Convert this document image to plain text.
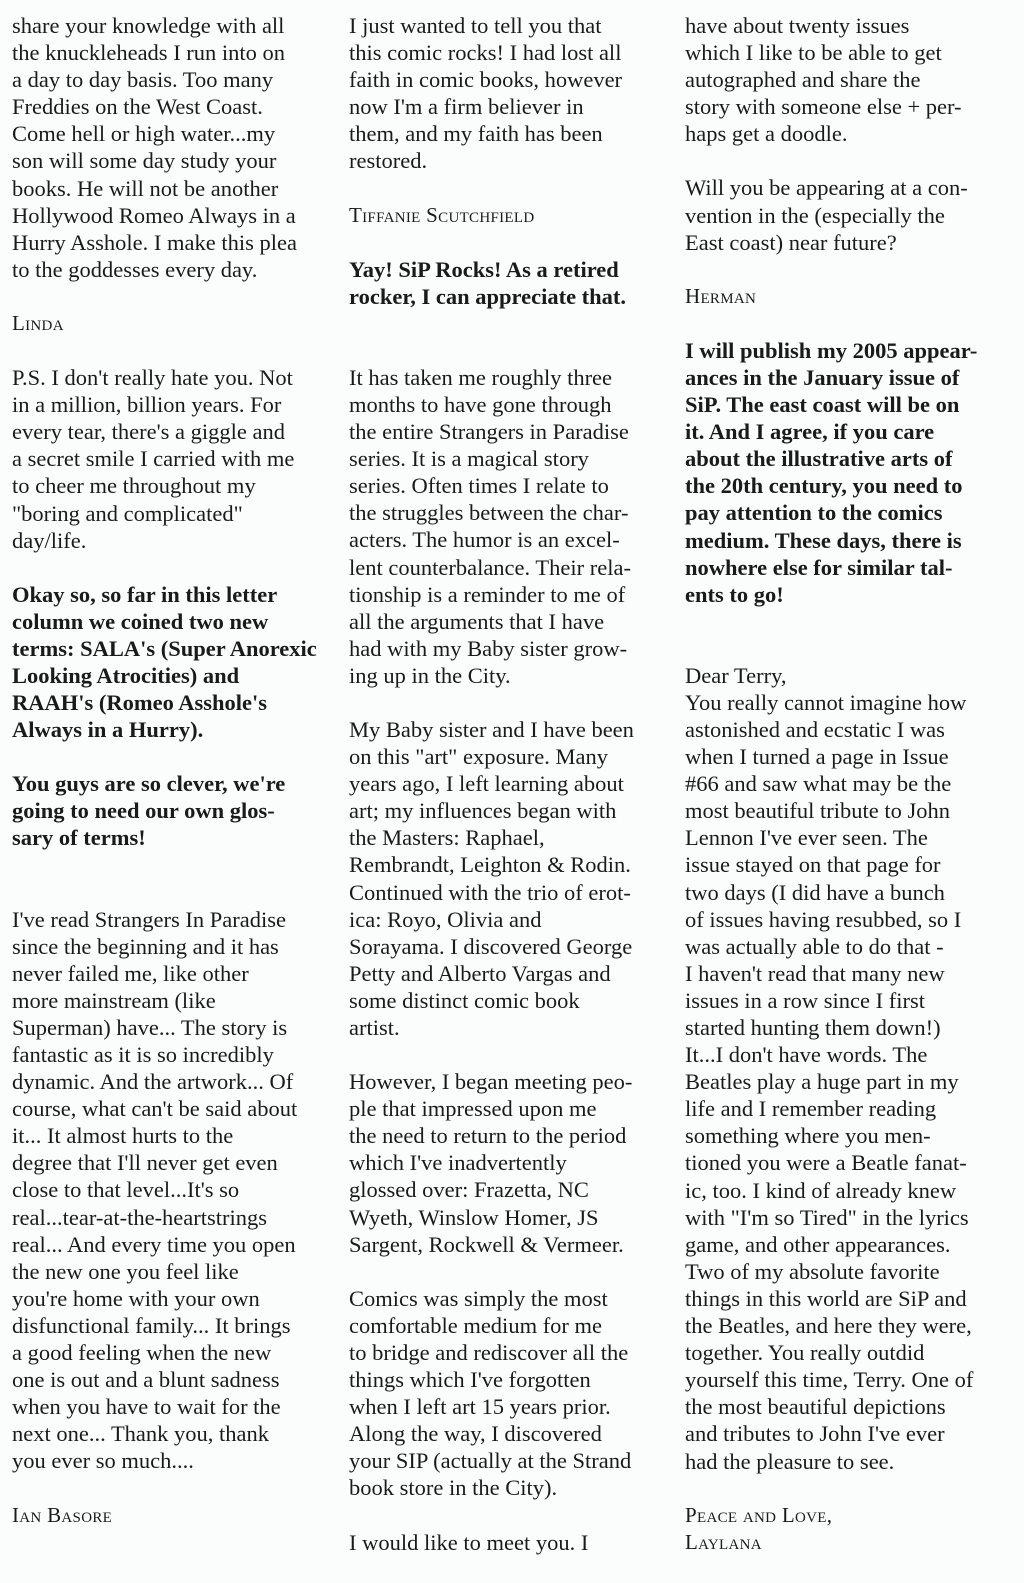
share your knowledge with all
the knuckleheads I run into on
a day to day basis. Too many
Freddies on the West Coast.
Come hell or high water...my
son will some day study your
books. He will not be another
Hollywood Romeo Always in a
Hurry Asshole. I make this plea
to the goddesses every day.

Linda

P.S. I don't really hate you. Not
in a million, billion years. For
every tear, there's a giggle and
a secret smile I carried with me
to cheer me throughout my
"boring and complicated"
day/life.

Okay so, so far in this letter
column we coined two new
terms: SALA's (Super Anorexic
Looking Atrocities) and
RAAH's (Romeo Asshole's
Always in a Hurry).

You guys are so clever, we're
going to need our own glos-
sary of terms!

I've read Strangers In Paradise
since the beginning and it has
never failed me, like other
more mainstream (like
Superman) have... The story is
fantastic as it is so incredibly
dynamic. And the artwork... Of
course, what can't be said about
it... It almost hurts to the
degree that I'll never get even
close to that level...It's so
real...tear-at-the-heartstrings
real... And every time you open
the new one you feel like
you're home with your own
disfunctional family... It brings
a good feeling when the new
one is out and a blunt sadness
when you have to wait for the
next one... Thank you, thank
you ever so much....

Ian Basore

I just wanted to tell you that
this comic rocks! I had lost all
faith in comic books, however
now I'm a firm believer in
them, and my faith has been
restored.

Tiffanie Scutchfield

Yay! SiP Rocks! As a retired
rocker, I can appreciate that.

It has taken me roughly three
months to have gone through
the entire Strangers in Paradise
series. It is a magical story
series. Often times I relate to
the struggles between the char-
acters. The humor is an excel-
lent counterbalance. Their rela-
tionship is a reminder to me of
all the arguments that I have
had with my Baby sister grow-
ing up in the City.

My Baby sister and I have been
on this "art" exposure. Many
years ago, I left learning about
art; my influences began with
the Masters: Raphael,
Rembrandt, Leighton & Rodin.
Continued with the trio of erot-
ica: Royo, Olivia and
Sorayama. I discovered George
Petty and Alberto Vargas and
some distinct comic book
artist.

However, I began meeting peo-
ple that impressed upon me
the need to return to the period
which I've inadvertently
glossed over: Frazetta, NC
Wyeth, Winslow Homer, JS
Sargent, Rockwell & Vermeer.

Comics was simply the most
comfortable medium for me
to bridge and rediscover all the
things which I've forgotten
when I left art 15 years prior.
Along the way, I discovered
your SIP (actually at the Strand
book store in the City).

I would like to meet you. I

have about twenty issues
which I like to be able to get
autographed and share the
story with someone else + per-
haps get a doodle.

Will you be appearing at a con-
vention in the (especially the
East coast) near future?

Herman

I will publish my 2005 appear-
ances in the January issue of
SiP. The east coast will be on
it. And I agree, if you care
about the illustrative arts of
the 20th century, you need to
pay attention to the comics
medium. These days, there is
nowhere else for similar tal-
ents to go!

Dear Terry,
You really cannot imagine how
astonished and ecstatic I was
when I turned a page in Issue
#66 and saw what may be the
most beautiful tribute to John
Lennon I've ever seen. The
issue stayed on that page for
two days (I did have a bunch
of issues having resubbed, so I
was actually able to do that -
I haven't read that many new
issues in a row since I first
started hunting them down!)
It...I don't have words. The
Beatles play a huge part in my
life and I remember reading
something where you men-
tioned you were a Beatle fanat-
ic, too. I kind of already knew
with "I'm so Tired" in the lyrics
game, and other appearances.
Two of my absolute favorite
things in this world are SiP and
the Beatles, and here they were,
together. You really outdid
yourself this time, Terry. One of
the most beautiful depictions
and tributes to John I've ever
had the pleasure to see.

Peace and Love,
Laylana
